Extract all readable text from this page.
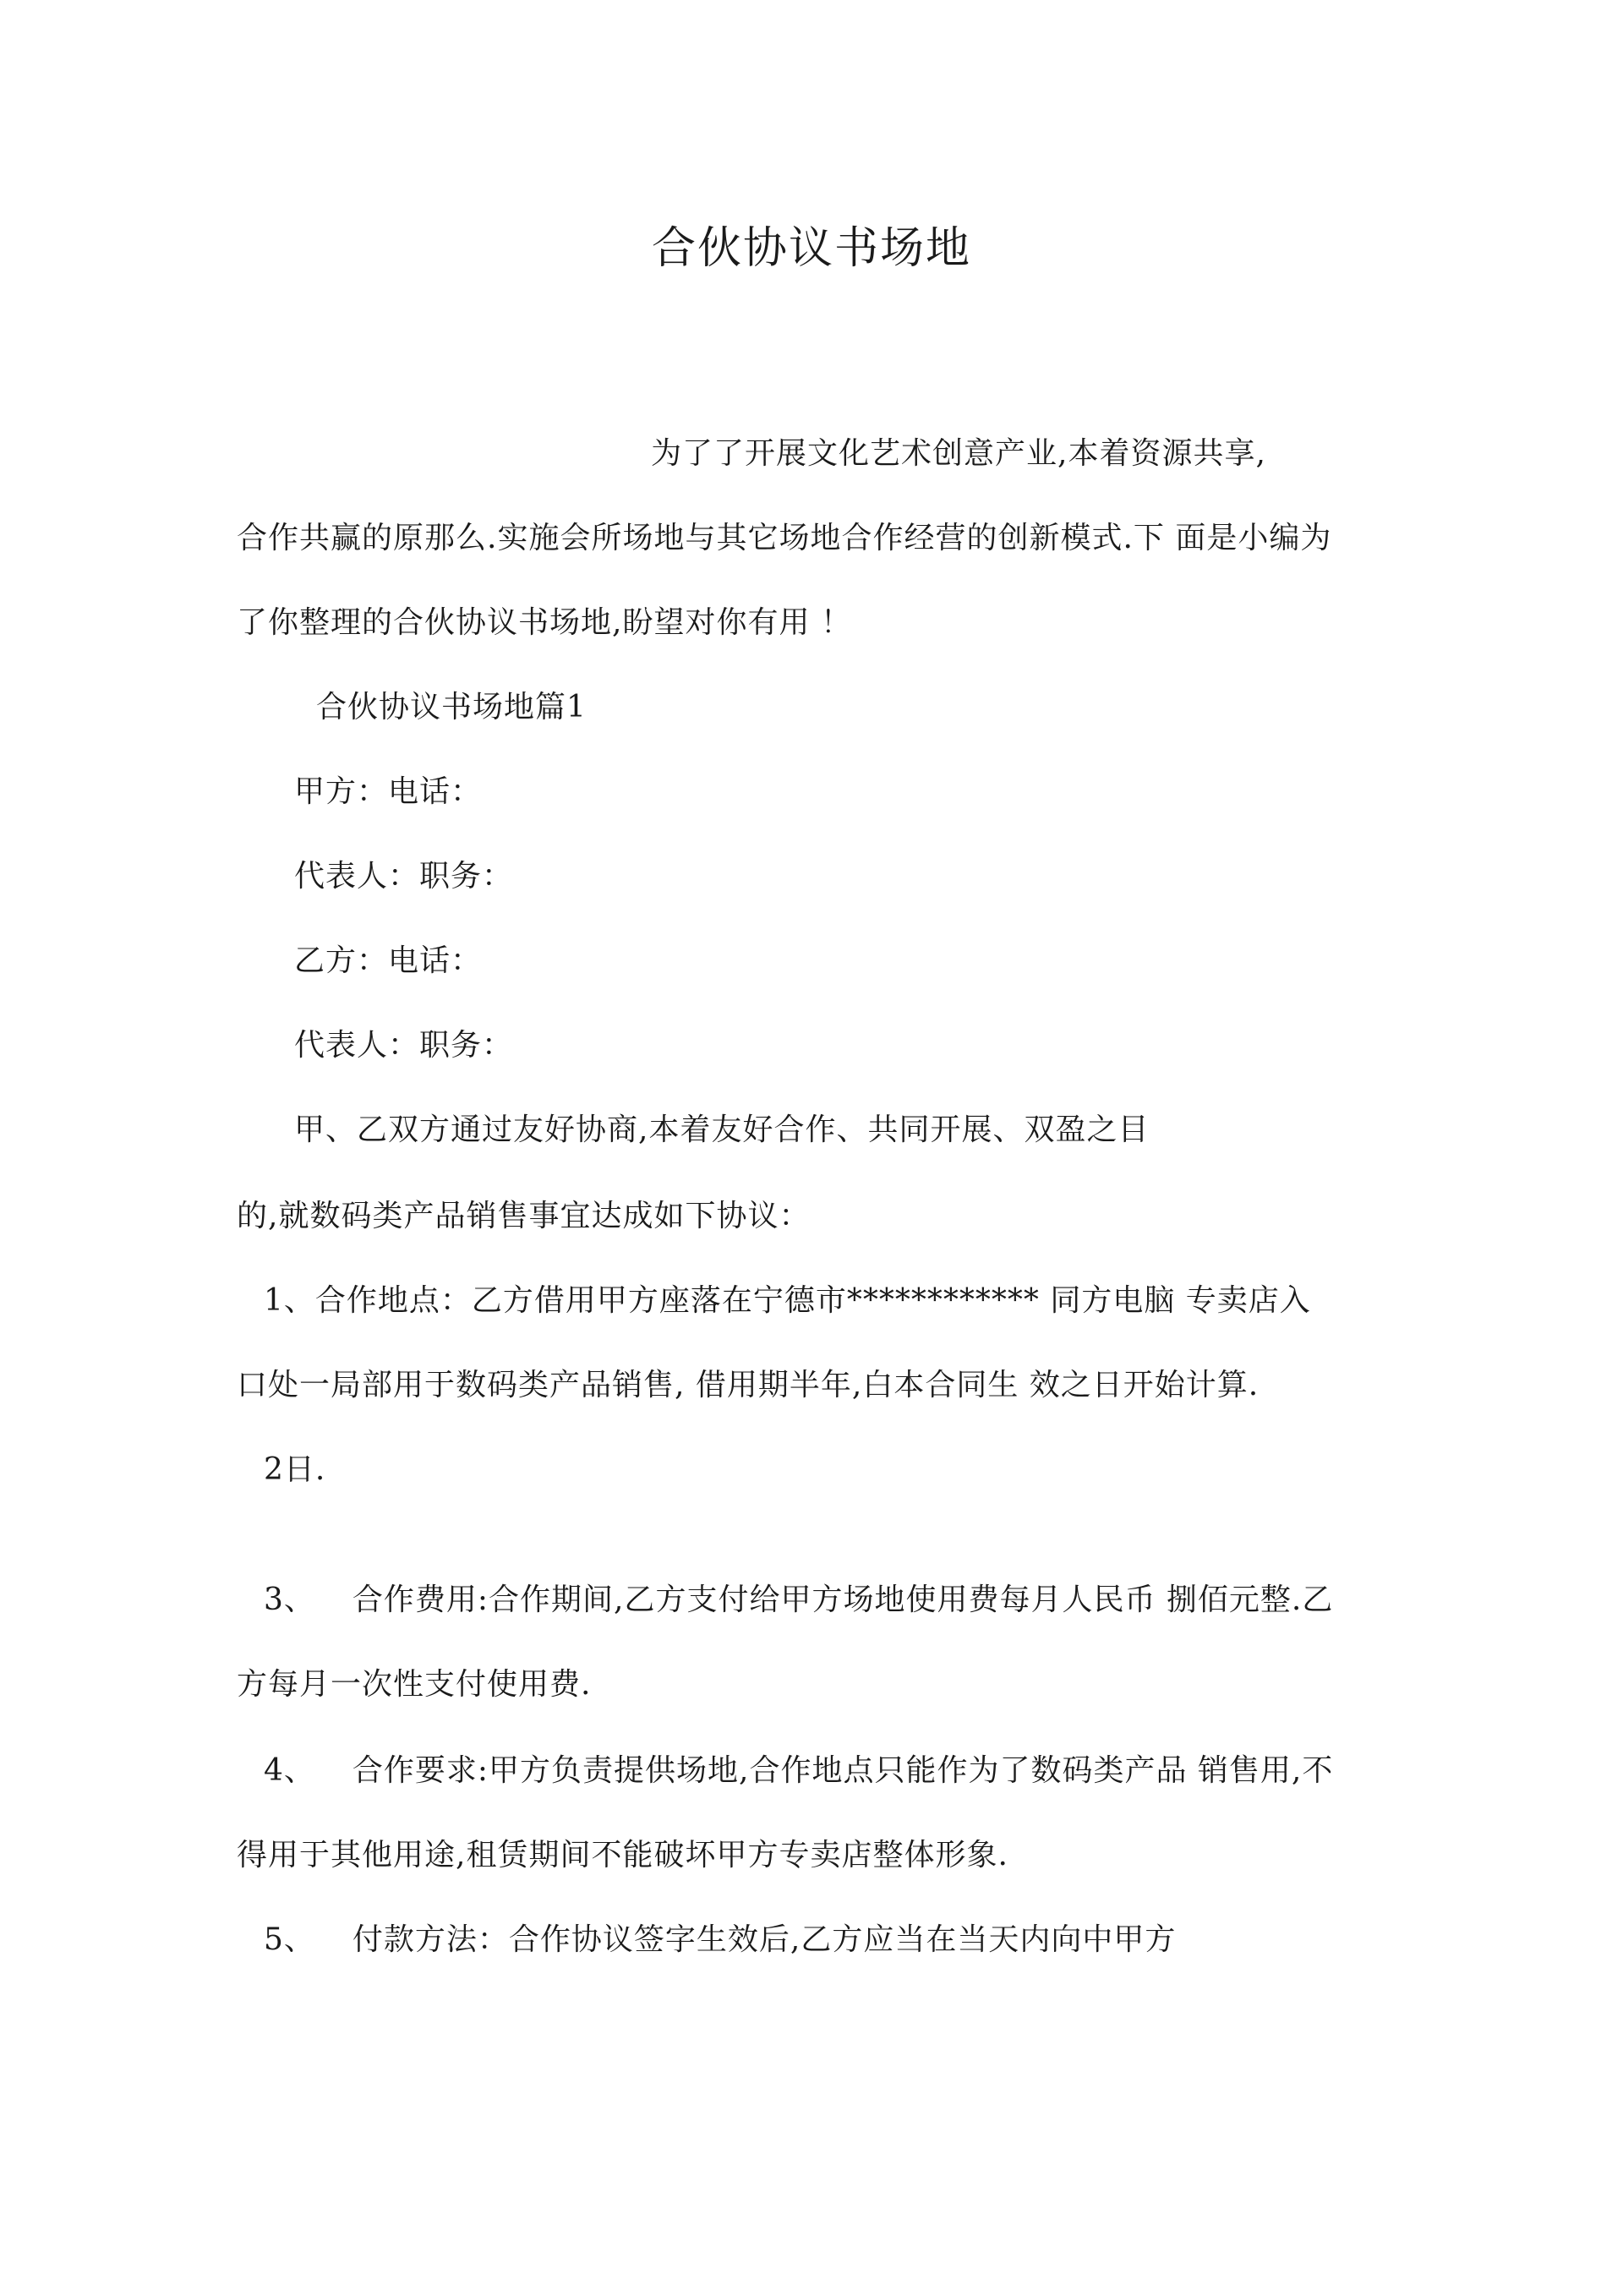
合伙协议书场地
为了了开展文化艺术创意产业,本着资源共享,
合作共赢的原那么.实施会所场地与其它场地合作经营的创新模式.下 面是小编为
了你整理的合伙协议书场地,盼望对你有用 ！
合伙协议书场地篇1
甲方：电话：
代表人：职务：
乙方：电话：
代表人：职务：
甲、乙双方通过友好协商,本着友好合作、共同开展、双盈之目
的,就数码类产品销售事宜达成如下协议：
1、合作地点：乙方借用甲方座落在宁德市************ 同方电脑 专卖店入
口处一局部用于数码类产品销售, 借用期半年,白本合同生 效之日开始计算.
2日.
3、 合作费用:合作期间,乙方支付给甲方场地使用费每月人民币 捌佰元整.乙
方每月一次性支付使用费.
4、 合作要求:甲方负责提供场地,合作地点只能作为了数码类产品 销售用,不
得用于其他用途,租赁期间不能破坏甲方专卖店整体形象.
5、 付款方法：合作协议签字生效后,乙方应当在当天内向中甲方
